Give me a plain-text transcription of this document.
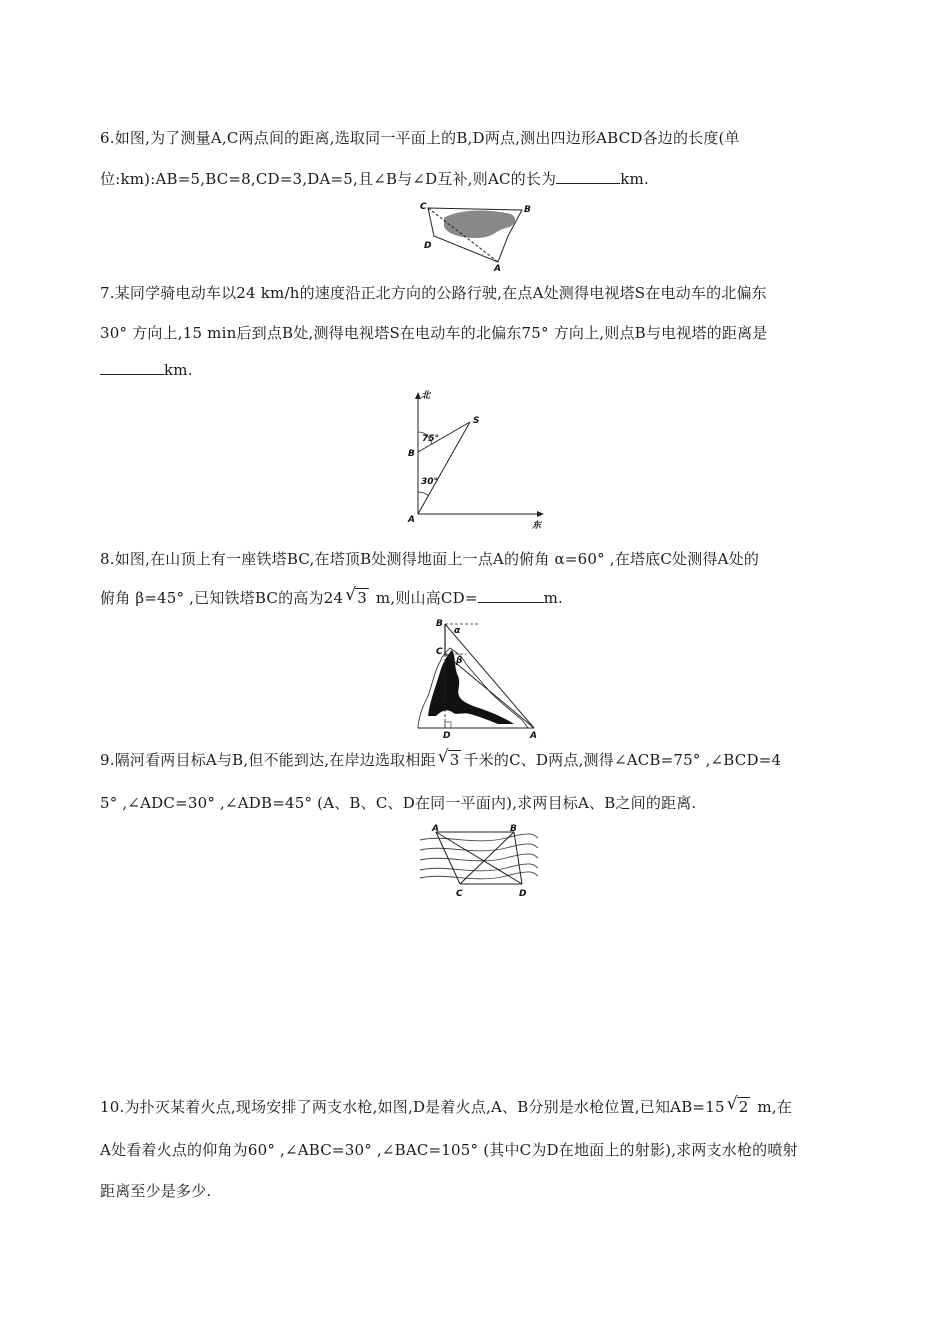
6.如图,为了测量A,C两点间的距离,选取同一平面上的B,D两点,测出四边形ABCD各边的长度(单
位:km):AB=5,BC=8,CD=3,DA=5,且∠B与∠D互补,则AC的长为	km.
C	B
D
A
7.某同学骑电动车以24 km/h的速度沿正北方向的公路行驶,在点A处测得电视塔S在电动车的北偏东
30° 方向上,15 min后到点B处,测得电视塔S在电动车的北偏东75° 方向上,则点B与电视塔的距离是
km.
北
东
S
B
A
75°
30°
8.如图,在山顶上有一座铁塔BC,在塔顶B处测得地面上一点A的俯角 α=60° ,在塔底C处测得A处的
俯角 β=45° ,已知铁塔BC的高为24 √ 3 m,则山高CD=	m.
B
C
D	A
α
β
9.隔河看两目标A与B,但不能到达,在岸边选取相距 √ 3 千米的C、D两点,测得∠ACB=75° ,∠BCD=4
5° ,∠ADC=30° ,∠ADB=45° (A、B、C、D在同一平面内),求两目标A、B之间的距离.
A	B
C	D
10.为扑灭某着火点,现场安排了两支水枪,如图,D是着火点,A、B分别是水枪位置,已知AB=15 √ 2 m,在
A处看着火点的仰角为60° ,∠ABC=30° ,∠BAC=105° (其中C为D在地面上的射影),求两支水枪的喷射
距离至少是多少.
